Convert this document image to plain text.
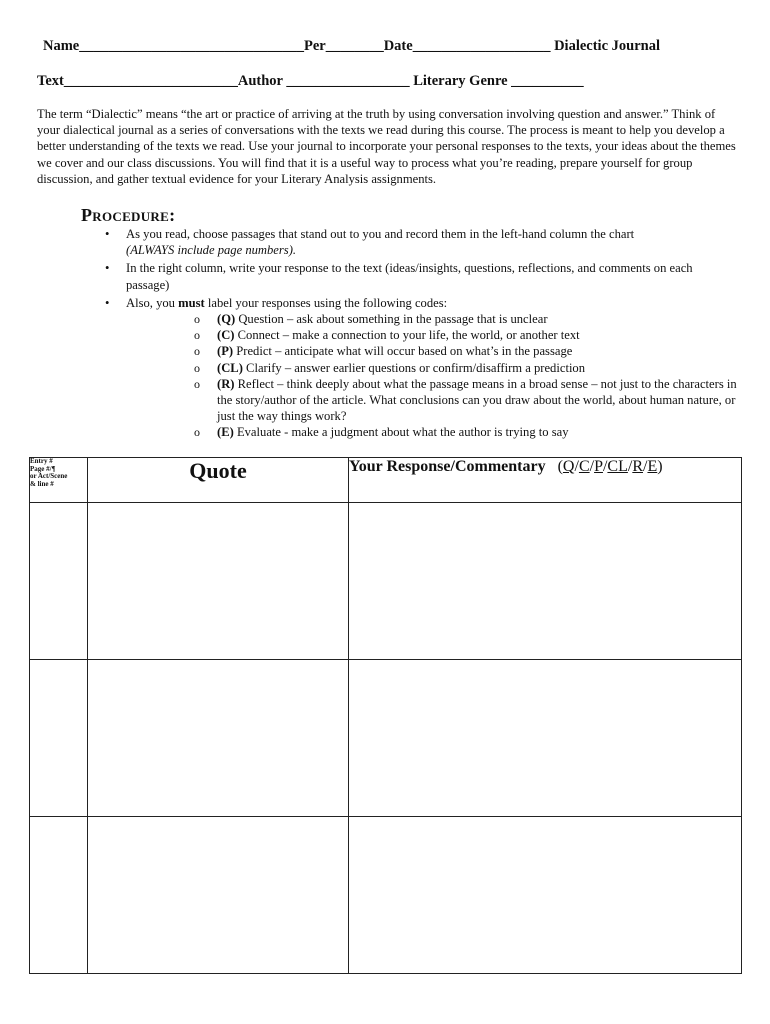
Name_______________________________Per________Date___________________ Dialectic Journal
Text________________________Author _________________ Literary Genre __________
The term “Dialectic” means “the art or practice of arriving at the truth by using conversation involving question and answer.” Think of your dialectical journal as a series of conversations with the texts we read during this course. The process is meant to help you develop a better understanding of the texts we read. Use your journal to incorporate your personal responses to the texts, your ideas about the themes we cover and our class discussions. You will find that it is a useful way to process what you’re reading, prepare yourself for group discussion, and gather textual evidence for your Literary Analysis assignments.
Procedure:
• As you read, choose passages that stand out to you and record them in the left-hand column the chart
(ALWAYS include page numbers).
• In the right column, write your response to the text (ideas/insights, questions, reflections, and comments on each passage)
• Also, you must label your responses using the following codes:
o (Q) Question – ask about something in the passage that is unclear
o (C) Connect – make a connection to your life, the world, or another text
o (P) Predict – anticipate what will occur based on what’s in the passage
o (CL) Clarify – answer earlier questions or confirm/disaffirm a prediction
o (R) Reflect – think deeply about what the passage means in a broad sense – not just to the characters in the story/author of the article. What conclusions can you draw about the world, about human nature, or just the way things work?
o (E) Evaluate - make a judgment about what the author is trying to say
Entry #
Page #/¶
or Act/Scene
& line #	Quote	Your Response/Commentary   (Q/C/P/CL/R/E)
